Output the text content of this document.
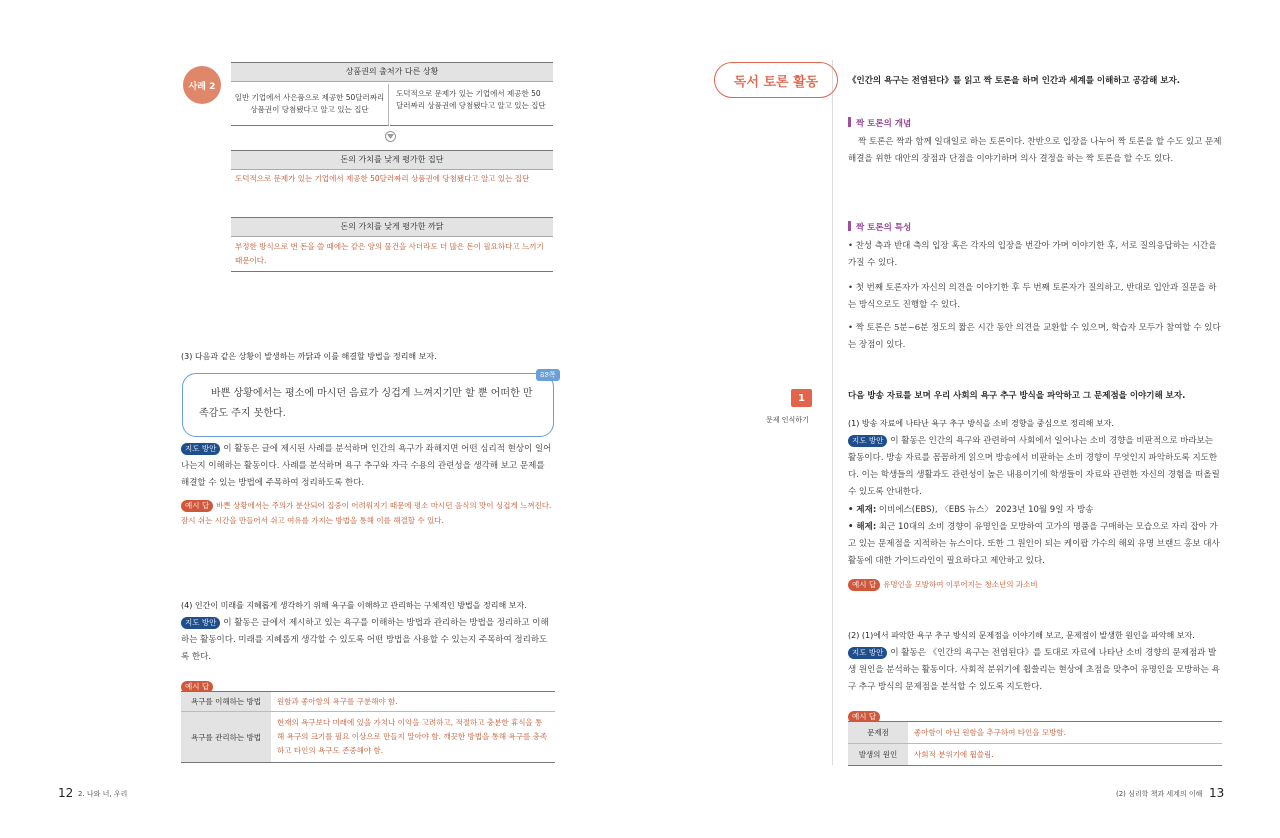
사례 2
상품권의 출처가 다른 상황
일반 기업에서 사은품으로 제공한 50달러짜리 상품권이 당첨됐다고 알고 있는 집단
도덕적으로 문제가 있는 기업에서 제공한 50달러짜리 상품권에 당첨됐다고 알고 있는 집단
돈의 가치를 낮게 평가한 집단
도덕적으로 문제가 있는 기업에서 제공한 50달러짜리 상품권에 당첨됐다고 알고 있는 집단
돈의 가치를 낮게 평가한 까닭
부정한 방식으로 번 돈을 쓸 때에는 같은 양의 물건을 사더라도 더 많은 돈이 필요하다고 느끼기 때문이다.
(3) 다음과 같은 상황이 발생하는 까닭과 이를 해결할 방법을 정리해 보자.
88쪽
바쁜 상황에서는 평소에 마시던 음료가 싱겁게 느껴지기만 할 뿐 어떠한 만족감도 주지 못한다.
지도 방안 이 활동은 글에 제시된 사례를 분석하며 인간의 욕구가 좌해지면 어떤 심리적 현상이 일어나는지 이해하는 활동이다. 사례를 분석하며 욕구 추구와 자극 수용의 관련성을 생각해 보고 문제를 해결할 수 있는 방법에 주목하여 정리하도록 한다.
예시 답 바쁜 상황에서는 주의가 분산되어 집중이 어려워지기 때문에 평소 마시던 음식의 맛이 싱겁게 느껴진다. 잠시 쉬는 시간을 만들어서 쉬고 여유를 가지는 방법을 통해 이를 해결할 수 있다.
(4) 인간이 미래를 지혜롭게 생각하기 위해 욕구를 이해하고 관리하는 구체적인 방법을 정리해 보자.
지도 방안 이 활동은 글에서 제시하고 있는 욕구를 이해하는 방법과 관리하는 방법을 정리하고 이해하는 활동이다. 미래를 지혜롭게 생각할 수 있도록 어떤 방법을 사용할 수 있는지 주목하여 정리하도록 한다.
예시 답
욕구를 이해하는 방법	원함과 좋아함의 욕구를 구분해야 함.
욕구를 관리하는 방법	현재의 욕구보다 미래에 있을 가치나 이익을 고려하고, 적절하고 충분한 휴식을 통해 욕구의 크기를 필요 이상으로 만들지 말아야 함. 깨끗한 방법을 통해 욕구를 충족하고 타인의 욕구도 존중해야 함.
12 2. 나와 너, 우리
독서 토론 활동	《인간의 욕구는 전염된다》를 읽고 짝 토론을 하며 인간과 세계를 이해하고 공감해 보자.
짝 토론의 개념
짝 토론은 짝과 함께 일대일로 하는 토론이다. 찬반으로 입장을 나누어 짝 토론을 할 수도 있고 문제 해결을 위한 대안의 장점과 단점을 이야기하며 의사 결정을 하는 짝 토론을 할 수도 있다.
짝 토론의 특성
• 찬성 측과 반대 측의 입장 혹은 각자의 입장을 번갈아 가며 이야기한 후, 서로 질의응답하는 시간을 가질 수 있다.
• 첫 번째 토론자가 자신의 의견을 이야기한 후 두 번째 토론자가 질의하고, 반대로 입안과 질문을 하는 방식으로도 진행할 수 있다.
• 짝 토론은 5분~6분 정도의 짧은 시간 동안 의견을 교환할 수 있으며, 학습자 모두가 참여할 수 있다는 장점이 있다.
1
문제 인식하기
다음 방송 자료를 보며 우리 사회의 욕구 추구 방식을 파악하고 그 문제점을 이야기해 보자.
(1) 방송 자료에 나타난 욕구 추구 방식을 소비 경향을 중심으로 정리해 보자.
지도 방안 이 활동은 인간의 욕구와 관련하여 사회에서 일어나는 소비 경향을 비판적으로 바라보는 활동이다. 방송 자료를 꼼꼼하게 읽으며 방송에서 비판하는 소비 경향이 무엇인지 파악하도록 지도한다. 이는 학생들의 생활과도 관련성이 높은 내용이기에 학생들이 자료와 관련한 자신의 경험을 떠올릴 수 있도록 안내한다.
• 제재: 이비에스(EBS), 〈EBS 뉴스〉 2023년 10월 9일 자 방송
• 해제: 최근 10대의 소비 경향이 유명인을 모방하여 고가의 명품을 구매하는 모습으로 자리 잡아 가고 있는 문제점을 지적하는 뉴스이다. 또한 그 원인이 되는 케이팝 가수의 해외 유명 브랜드 홍보 대사 활동에 대한 가이드라인이 필요하다고 제안하고 있다.
예시 답 유명인을 모방하여 이루어지는 청소년의 과소비
(2) (1)에서 파악한 욕구 추구 방식의 문제점을 이야기해 보고, 문제점이 발생한 원인을 파악해 보자.
지도 방안 이 활동은 《인간의 욕구는 전염된다》를 토대로 자료에 나타난 소비 경향의 문제점과 발생 원인을 분석하는 활동이다. 사회적 분위기에 휩쓸리는 현상에 초점을 맞추어 유명인을 모방하는 욕구 추구 방식의 문제점을 분석할 수 있도록 지도한다.
예시 답
문제점	좋아함이 아닌 원함을 추구하여 타인을 모방함.
발생의 원인	사회적 분위기에 휩쓸림.
(2) 심리학 책과 세계의 이해 13
